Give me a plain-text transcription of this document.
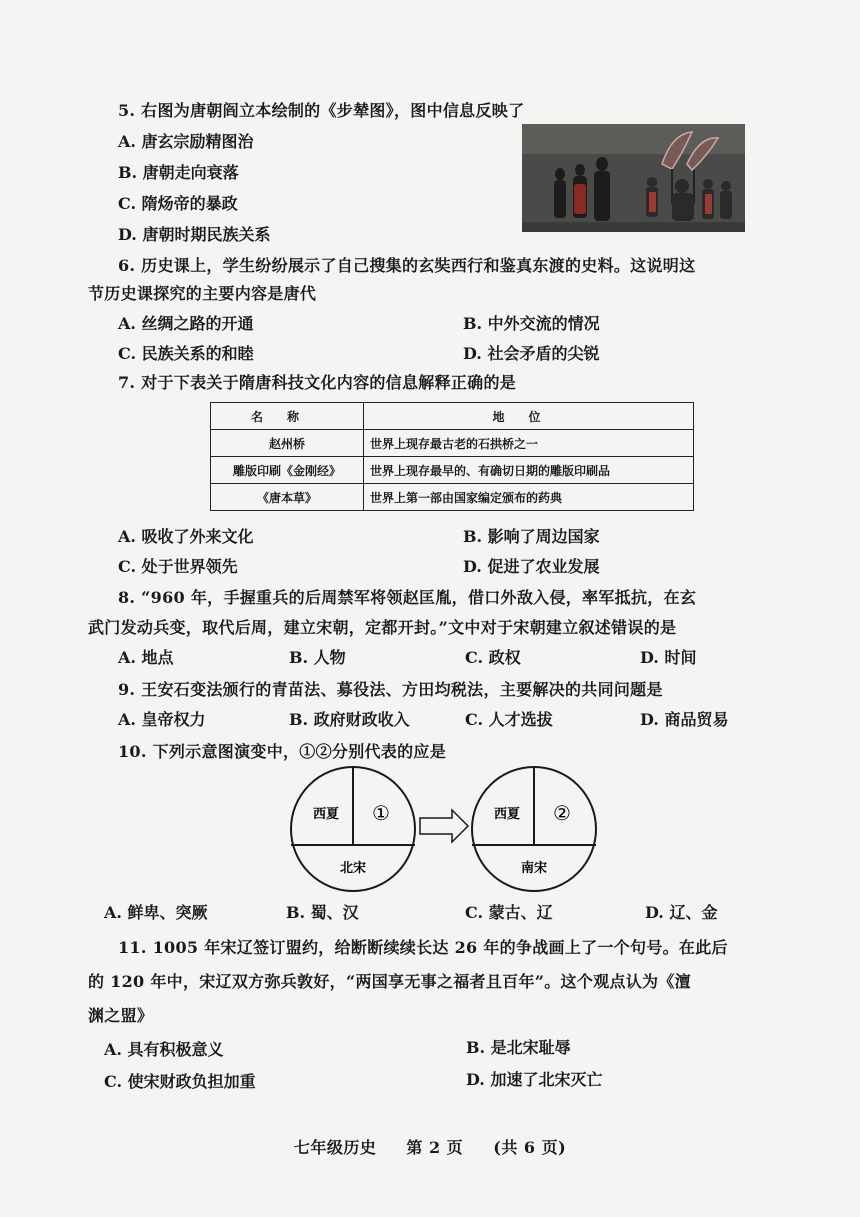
5. 右图为唐朝阎立本绘制的《步辇图》，图中信息反映了
A. 唐玄宗励精图治
B. 唐朝走向衰落
C. 隋炀帝的暴政
D. 唐朝时期民族关系
6. 历史课上，学生纷纷展示了自己搜集的玄奘西行和鉴真东渡的史料。这说明这
节历史课探究的主要内容是唐代
A. 丝绸之路的开通	B. 中外交流的情况
C. 民族关系的和睦	D. 社会矛盾的尖锐
7. 对于下表关于隋唐科技文化内容的信息解释正确的是
名称	地位
赵州桥	世界上现存最古老的石拱桥之一
雕版印刷《金刚经》	世界上现存最早的、有确切日期的雕版印刷品
《唐本草》	世界上第一部由国家编定颁布的药典
A. 吸收了外来文化	B. 影响了周边国家
C. 处于世界领先	D. 促进了农业发展
8. “960 年，手握重兵的后周禁军将领赵匡胤，借口外敌入侵，率军抵抗，在玄
武门发动兵变，取代后周，建立宋朝，定都开封。”文中对于宋朝建立叙述错误的是
A. 地点	B. 人物	C. 政权	D. 时间
9. 王安石变法颁行的青苗法、募役法、方田均税法，主要解决的共同问题是
A. 皇帝权力	B. 政府财政收入	C. 人才选拔	D. 商品贸易
10. 下列示意图演变中，①②分别代表的应是
西夏 ①
北宋
西夏 ②
南宋
A. 鲜卑、突厥	B. 蜀、汉	C. 蒙古、辽	D. 辽、金
11. 1005 年宋辽签订盟约，给断断续续长达 26 年的争战画上了一个句号。在此后
的 120 年中，宋辽双方弥兵敦好，“两国享无事之福者且百年”。这个观点认为《澶
渊之盟》
A. 具有积极意义	B. 是北宋耻辱
C. 使宋财政负担加重	D. 加速了北宋灭亡
七年级历史 第 2 页 (共 6 页)
